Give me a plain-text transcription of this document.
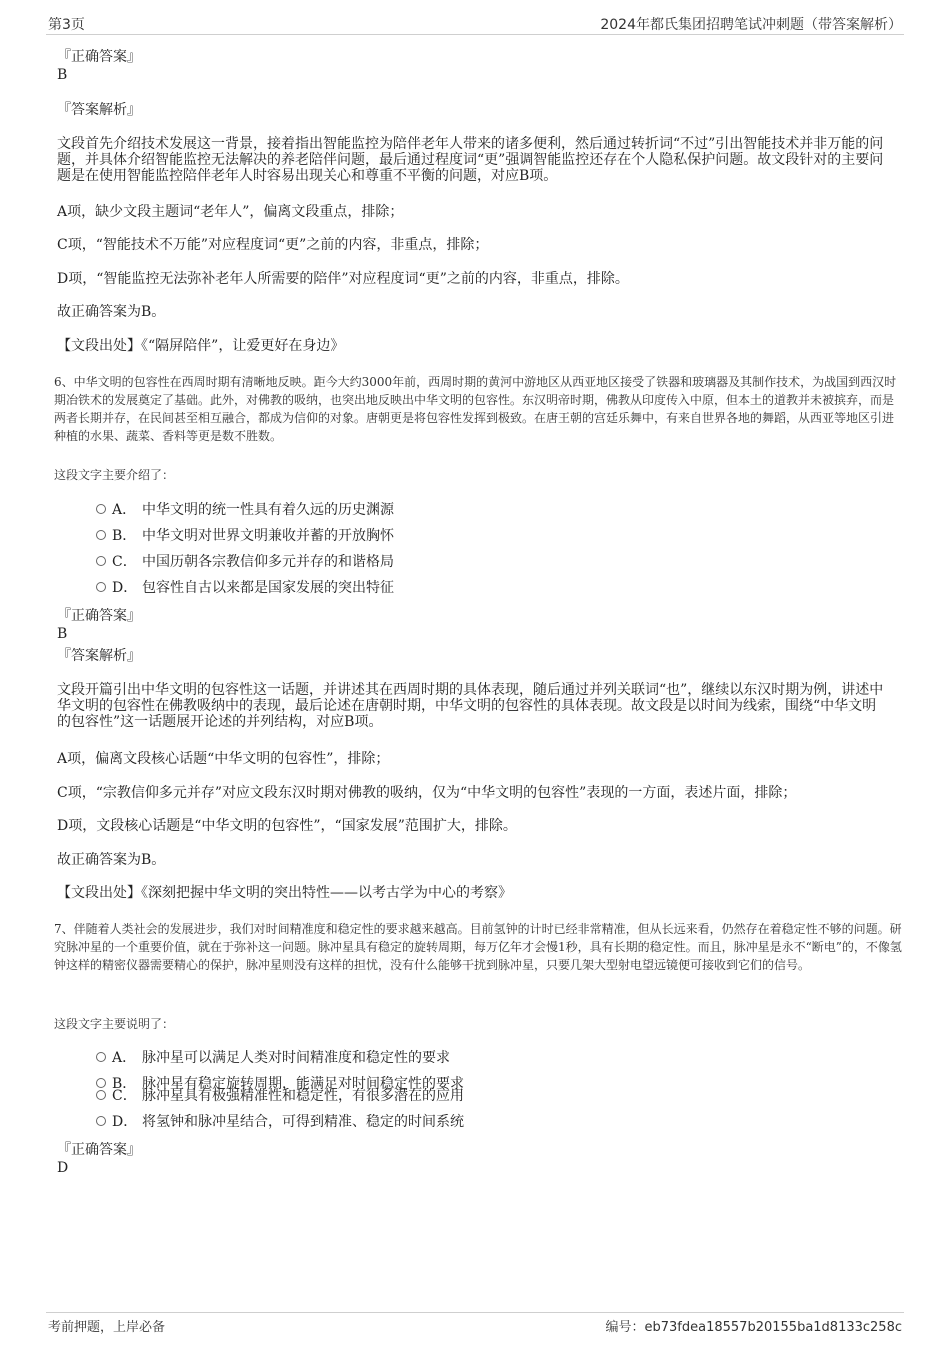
第3页	2024年都氏集团招聘笔试冲刺题（带答案解析）
『正确答案』
B
『答案解析』
文段首先介绍技术发展这一背景，接着指出智能监控为陪伴老年人带来的诸多便利，然后通过转折词“不过”引出智能技术并非万能的问题，并具体介绍智能监控无法解决的养老陪伴问题，最后通过程度词“更”强调智能监控还存在个人隐私保护问题。故文段针对的主要问题是在使用智能监控陪伴老年人时容易出现关心和尊重不平衡的问题，对应B项。
A项，缺少文段主题词“老年人”，偏离文段重点，排除；
C项，“智能技术不万能”对应程度词“更”之前的内容，非重点，排除；
D项，“智能监控无法弥补老年人所需要的陪伴”对应程度词“更”之前的内容，非重点，排除。
故正确答案为B。
【文段出处】《“隔屏陪伴”，让爱更好在身边》
6、中华文明的包容性在西周时期有清晰地反映。距今大约3000年前，西周时期的黄河中游地区从西亚地区接受了铁器和玻璃器及其制作技术，为战国到西汉时期冶铁术的发展奠定了基础。此外，对佛教的吸纳，也突出地反映出中华文明的包容性。东汉明帝时期，佛教从印度传入中原，但本土的道教并未被摈弃，而是两者长期并存，在民间甚至相互融合，都成为信仰的对象。唐朝更是将包容性发挥到极致。在唐王朝的宫廷乐舞中，有来自世界各地的舞蹈，从西亚等地区引进种植的水果、蔬菜、香料等更是数不胜数。
这段文字主要介绍了：
A． 中华文明的统一性具有着久远的历史渊源
B． 中华文明对世界文明兼收并蓄的开放胸怀
C． 中国历朝各宗教信仰多元并存的和谐格局
D． 包容性自古以来都是国家发展的突出特征
『正确答案』
B
『答案解析』
文段开篇引出中华文明的包容性这一话题，并讲述其在西周时期的具体表现，随后通过并列关联词“也”，继续以东汉时期为例，讲述中华文明的包容性在佛教吸纳中的表现，最后论述在唐朝时期，中华文明的包容性的具体表现。故文段是以时间为线索，围绕“中华文明的包容性”这一话题展开论述的并列结构，对应B项。
A项，偏离文段核心话题“中华文明的包容性”，排除；
C项，“宗教信仰多元并存”对应文段东汉时期对佛教的吸纳，仅为“中华文明的包容性”表现的一方面，表述片面，排除；
D项，文段核心话题是“中华文明的包容性”，“国家发展”范围扩大，排除。
故正确答案为B。
【文段出处】《深刻把握中华文明的突出特性——以考古学为中心的考察》
7、伴随着人类社会的发展进步，我们对时间精准度和稳定性的要求越来越高。目前氢钟的计时已经非常精准，但从长远来看，仍然存在着稳定性不够的问题。研究脉冲星的一个重要价值，就在于弥补这一问题。脉冲星具有稳定的旋转周期，每万亿年才会慢1秒，具有长期的稳定性。而且，脉冲星是永不“断电”的，不像氢钟这样的精密仪器需要精心的保护，脉冲星则没有这样的担忧，没有什么能够干扰到脉冲星，只要几架大型射电望远镜便可接收到它们的信号。
这段文字主要说明了：
A． 脉冲星可以满足人类对时间精准度和稳定性的要求
B． 脉冲星有稳定旋转周期，能满足对时间稳定性的要求
C． 脉冲星具有极强精准性和稳定性，有很多潜在的应用
D． 将氢钟和脉冲星结合，可得到精准、稳定的时间系统
『正确答案』
D
考前押题，上岸必备	编号：eb73fdea18557b20155ba1d8133c258c
